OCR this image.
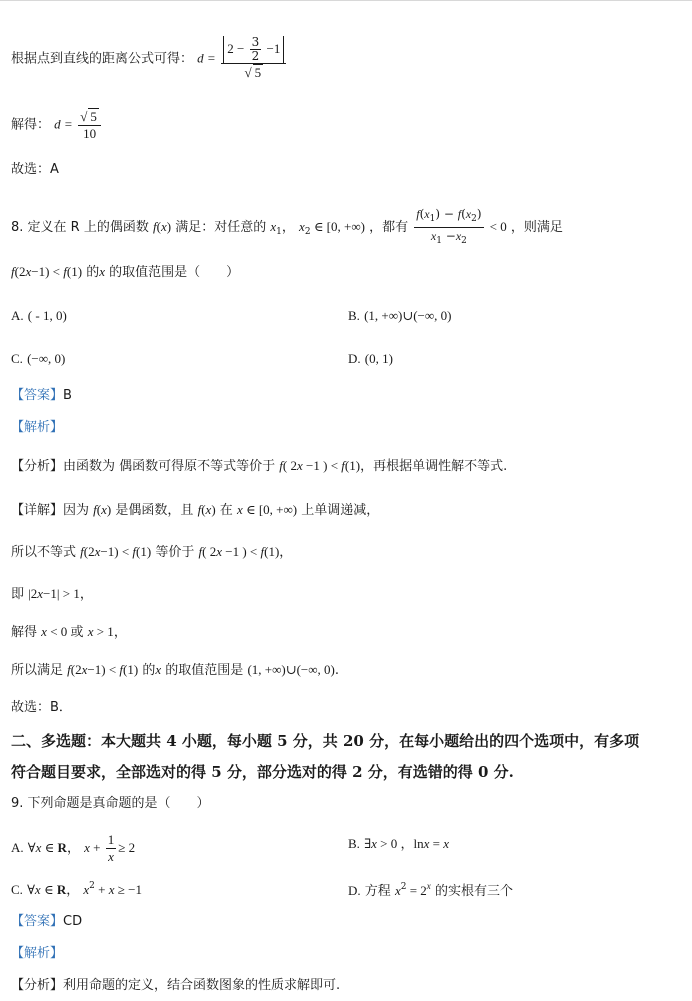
根据点到直线的距离公式可得： $d = \frac{2 - \frac{3}{2} -1}{√ 5}$
解得： $d = \frac{√ 5}{10}$
故选：A
8. 定义在 R 上的偶函数 f(x) 满足：对任意的 $x_1$， $x_2$ ∈ [0, +∞) ，都有 $\frac{f(x_1) - f(x_2)}{x_1 -x_2} < 0$ ，则满足
f(2x−1) < f(1) 的x 的取值范围是（　　）
A. ( - 1, 0)	B. (1, +∞)∪(−∞, 0)
C. (−∞, 0)	D. (0, 1)
【答案】B
【解析】
【分析】由函数为 偶函数可得原不等式等价于 f( 2x −1 ) < f(1)，再根据单调性解不等式.
【详解】因为 f(x) 是偶函数，且 f(x) 在 x ∈ [0, +∞) 上单调递减，
所以不等式 f(2x−1) < f(1) 等价于 f( 2x −1 ) < f(1)，
即 |2x−1| > 1，
解得 x < 0 或 x > 1，
所以满足 f(2x−1) < f(1) 的x 的取值范围是 (1, +∞)∪(−∞, 0).
故选：B．
二、多选题：本大题共 4 小题，每小题 5 分，共 20 分，在每小题给出的四个选项中，有多项
符合题目要求，全部选对的得 5 分，部分选对的得 2 分，有选错的得 0 分.
9. 下列命题是真命题的是（　　）
A. ∀x ∈ R， $x + \frac{1}{x} \ge 2$	B. ∃x > 0 ，lnx = x
C. ∀x ∈ R， $x^2 + x \ge -1$	D. 方程 $x^2 = 2^x$ 的实根有三个
【答案】CD
【解析】
【分析】利用命题的定义，结合函数图象的性质求解即可.
